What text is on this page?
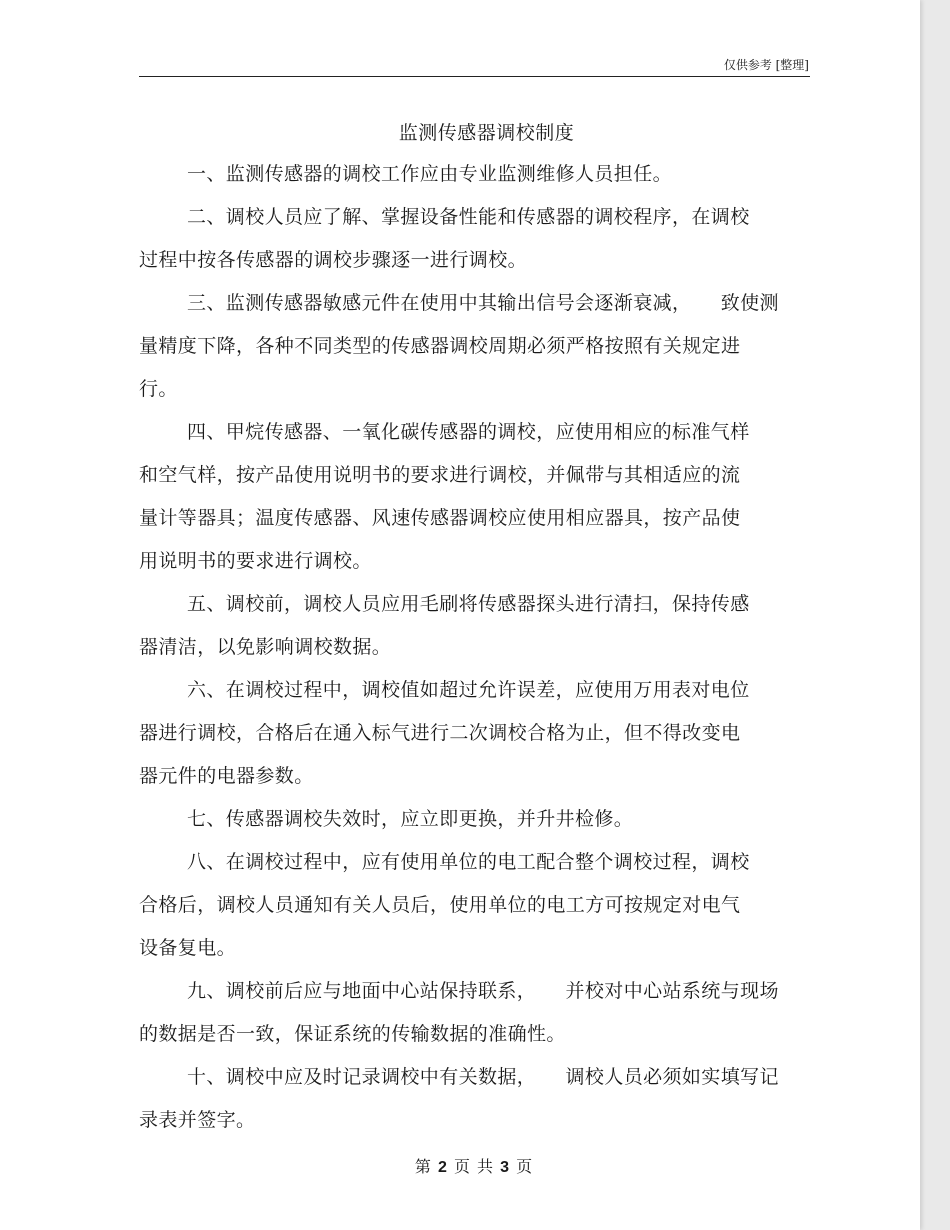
仅供参考 [整理]
监测传感器调校制度
一、监测传感器的调校工作应由专业监测维修人员担任。
二、调校人员应了解、掌握设备性能和传感器的调校程序，在调校
过程中按各传感器的调校步骤逐一进行调校。
三、监测传感器敏感元件在使用中其输出信号会逐渐衰减，　　致使测
量精度下降，各种不同类型的传感器调校周期必须严格按照有关规定进
行。
四、甲烷传感器、一氧化碳传感器的调校，应使用相应的标准气样
和空气样，按产品使用说明书的要求进行调校，并佩带与其相适应的流
量计等器具；温度传感器、风速传感器调校应使用相应器具，按产品使
用说明书的要求进行调校。
五、调校前，调校人员应用毛刷将传感器探头进行清扫，保持传感
器清洁，以免影响调校数据。
六、在调校过程中，调校值如超过允许误差，应使用万用表对电位
器进行调校，合格后在通入标气进行二次调校合格为止，但不得改变电
器元件的电器参数。
七、传感器调校失效时，应立即更换，并升井检修。
八、在调校过程中，应有使用单位的电工配合整个调校过程，调校
合格后，调校人员通知有关人员后，使用单位的电工方可按规定对电气
设备复电。
九、调校前后应与地面中心站保持联系，　　并校对中心站系统与现场
的数据是否一致，保证系统的传输数据的准确性。
十、调校中应及时记录调校中有关数据，　　调校人员必须如实填写记
录表并签字。
第 2 页 共 3 页
